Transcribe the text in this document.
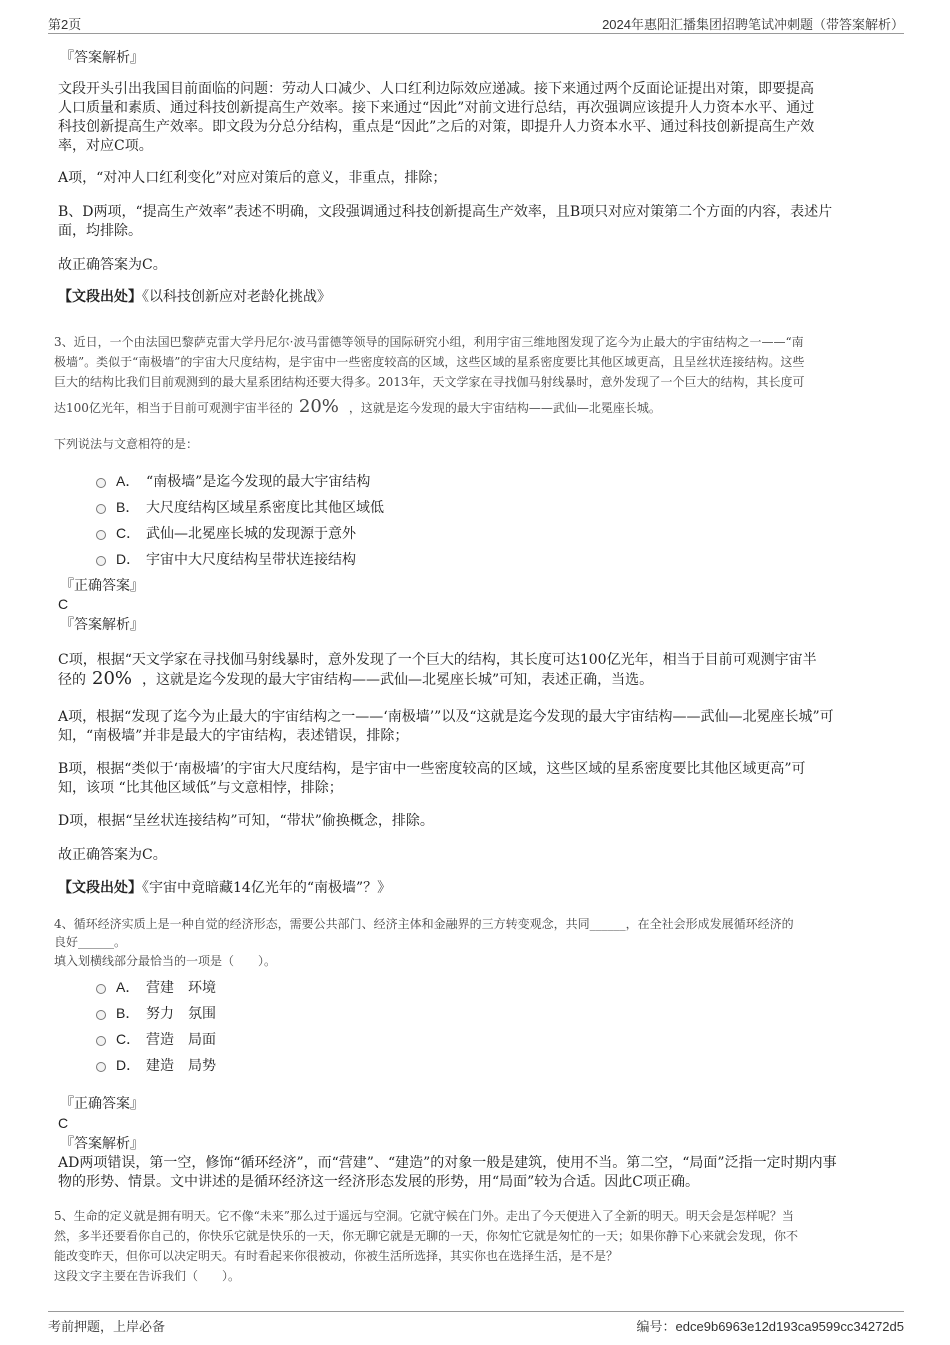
第2页	2024年惠阳汇播集团招聘笔试冲刺题（带答案解析）
『答案解析』
文段开头引出我国目前面临的问题：劳动人口减少、人口红利边际效应递减。接下来通过两个反面论证提出对策，即要提高
人口质量和素质、通过科技创新提高生产效率。接下来通过“因此”对前文进行总结，再次强调应该提升人力资本水平、通过
科技创新提高生产效率。即文段为分总分结构，重点是“因此”之后的对策，即提升人力资本水平、通过科技创新提高生产效
率，对应C项。
A项，“对冲人口红利变化”对应对策后的意义，非重点，排除；
B、D两项，“提高生产效率”表述不明确，文段强调通过科技创新提高生产效率，且B项只对应对策第二个方面的内容，表述片
面，均排除。
故正确答案为C。
【文段出处】《以科技创新应对老龄化挑战》
3、近日，一个由法国巴黎萨克雷大学丹尼尔·波马雷德等领导的国际研究小组，利用宇宙三维地图发现了迄今为止最大的宇宙结构之一——“南
极墙”。类似于“南极墙”的宇宙大尺度结构，是宇宙中一些密度较高的区域，这些区域的星系密度要比其他区域更高，且呈丝状连接结构。这些
巨大的结构比我们目前观测到的最大星系团结构还要大得多。2013年，天文学家在寻找伽马射线暴时，意外发现了一个巨大的结构，其长度可
达100亿光年，相当于目前可观测宇宙半径的 20% ，这就是迄今发现的最大宇宙结构——武仙—北冕座长城。
下列说法与文意相符的是：
A． “南极墙”是迄今发现的最大宇宙结构
B． 大尺度结构区域星系密度比其他区域低
C． 武仙—北冕座长城的发现源于意外
D． 宇宙中大尺度结构呈带状连接结构
『正确答案』
C
『答案解析』
C项，根据“天文学家在寻找伽马射线暴时，意外发现了一个巨大的结构，其长度可达100亿光年，相当于目前可观测宇宙半
径的 20% ，这就是迄今发现的最大宇宙结构——武仙—北冕座长城”可知，表述正确，当选。
A项，根据“发现了迄今为止最大的宇宙结构之一——‘南极墙’”以及“这就是迄今发现的最大宇宙结构——武仙—北冕座长城”可
知，“南极墙”并非是最大的宇宙结构，表述错误，排除；
B项，根据“类似于‘南极墙’的宇宙大尺度结构，是宇宙中一些密度较高的区域，这些区域的星系密度要比其他区域更高”可
知，该项 “比其他区域低”与文意相悖，排除；
D项，根据“呈丝状连接结构”可知，“带状”偷换概念，排除。
故正确答案为C。
【文段出处】《宇宙中竟暗藏14亿光年的“南极墙”？》
4、循环经济实质上是一种自觉的经济形态，需要公共部门、经济主体和金融界的三方转变观念，共同______，在全社会形成发展循环经济的
良好______。
填入划横线部分最恰当的一项是（　　）。
A． 营建　环境
B． 努力　氛围
C． 营造　局面
D． 建造　局势
『正确答案』
C
『答案解析』
AD两项错误，第一空，修饰“循环经济”，而“营建”、“建造”的对象一般是建筑，使用不当。第二空，“局面”泛指一定时期内事
物的形势、情景。文中讲述的是循环经济这一经济形态发展的形势，用“局面”较为合适。因此C项正确。
5、生命的定义就是拥有明天。它不像“未来”那么过于遥远与空洞。它就守候在门外。走出了今天便进入了全新的明天。明天会是怎样呢？当
然，多半还要看你自己的，你快乐它就是快乐的一天，你无聊它就是无聊的一天，你匆忙它就是匆忙的一天；如果你静下心来就会发现，你不
能改变昨天，但你可以决定明天。有时看起来你很被动，你被生活所选择，其实你也在选择生活，是不是？
这段文字主要在告诉我们（　　）。
考前押题，上岸必备	编号：edce9b6963e12d193ca9599cc34272d5
